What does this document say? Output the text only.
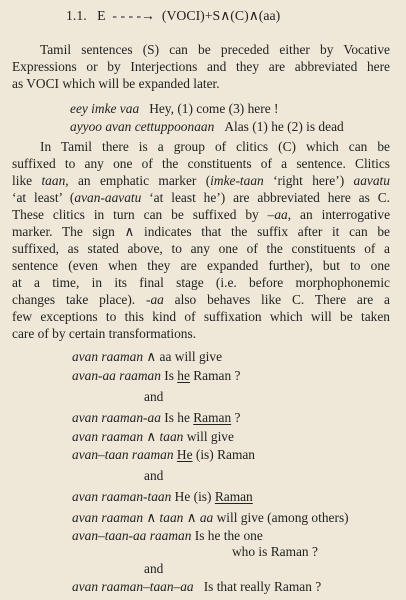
1.1. E - - - -→ (VOCI)+S∧(C)∧(aa)
Tamil sentences (S) can be preceded either by Vocative
Expressions or by Interjections and they are abbreviated here
as VOCI which will be expanded later.
eey imke vaa Hey, (1) come (3) here !
ayyoo avan cettuppoonaan Alas (1) he (2) is dead
In Tamil there is a group of clitics (C) which can be
suffixed to any one of the constituents of a sentence. Clitics
like taan, an emphatic marker (imke-taan ‘right here’) aavatu
‘at least’ (avan-aavatu ‘at least he’) are abbreviated here as C.
These clitics in turn can be suffixed by –aa, an interrogative
marker. The sign ∧ indicates that the suffix after it can be
suffixed, as stated above, to any one of the constituents of a
sentence (even when they are expanded further), but to one
at a time, in its final stage (i.e. before morphophonemic
changes take place). -aa also behaves like C. There are a
few exceptions to this kind of suffixation which will be taken
care of by certain transformations.
avan raaman ∧ aa will give
avan-aa raaman Is he Raman ?
and
avan raaman-aa Is he Raman ?
avan raaman ∧ taan will give
avan–taan raaman He (is) Raman
and
avan raaman-taan He (is) Raman
avan raaman ∧ taan ∧ aa will give (among others)
avan–taan-aa raaman Is he the one
who is Raman ?
and
avan raaman–taan–aa   Is that really Raman ?
